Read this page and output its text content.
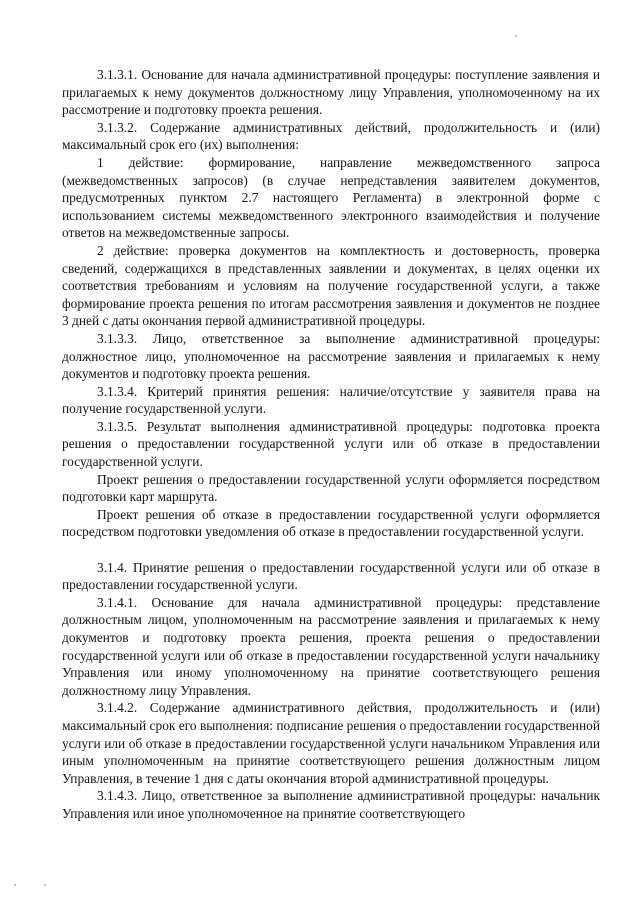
3.1.3.1. Основание для начала административной процедуры: поступление заявления и прилагаемых к нему документов должностному лицу Управления, уполномоченному на их рассмотрение и подготовку проекта решения.

3.1.3.2. Содержание административных действий, продолжительность и (или) максимальный срок его (их) выполнения:

1 действие: формирование, направление межведомственного запроса (межведомственных запросов) (в случае непредставления заявителем документов, предусмотренных пунктом 2.7 настоящего Регламента) в электронной форме с использованием системы межведомственного электронного взаимодействия и получение ответов на межведомственные запросы.

2 действие: проверка документов на комплектность и достоверность, проверка сведений, содержащихся в представленных заявлении и документах, в целях оценки их соответствия требованиям и условиям на получение государственной услуги, а также формирование проекта решения по итогам рассмотрения заявления и документов не позднее 3 дней с даты окончания первой административной процедуры.

3.1.3.3. Лицо, ответственное за выполнение административной процедуры: должностное лицо, уполномоченное на рассмотрение заявления и прилагаемых к нему документов и подготовку проекта решения.

3.1.3.4. Критерий принятия решения: наличие/отсутствие у заявителя права на получение государственной услуги.

3.1.3.5. Результат выполнения административной процедуры: подготовка проекта решения о предоставлении государственной услуги или об отказе в предоставлении государственной услуги.

Проект решения о предоставлении государственной услуги оформляется посредством подготовки карт маршрута.

Проект решения об отказе в предоставлении государственной услуги оформляется посредством подготовки уведомления об отказе в предоставлении государственной услуги.

3.1.4. Принятие решения о предоставлении государственной услуги или об отказе в предоставлении государственной услуги.

3.1.4.1. Основание для начала административной процедуры: представление должностным лицом, уполномоченным на рассмотрение заявления и прилагаемых к нему документов и подготовку проекта решения, проекта решения о предоставлении государственной услуги или об отказе в предоставлении государственной услуги начальнику Управления или иному уполномоченному на принятие соответствующего решения должностному лицу Управления.

3.1.4.2. Содержание административного действия, продолжительность и (или) максимальный срок его выполнения: подписание решения о предоставлении государственной услуги или об отказе в предоставлении государственной услуги начальником Управления или иным уполномоченным на принятие соответствующего решения должностным лицом Управления, в течение 1 дня с даты окончания второй административной процедуры.

3.1.4.3. Лицо, ответственное за выполнение административной процедуры: начальник Управления или иное уполномоченное на принятие соответствующего
